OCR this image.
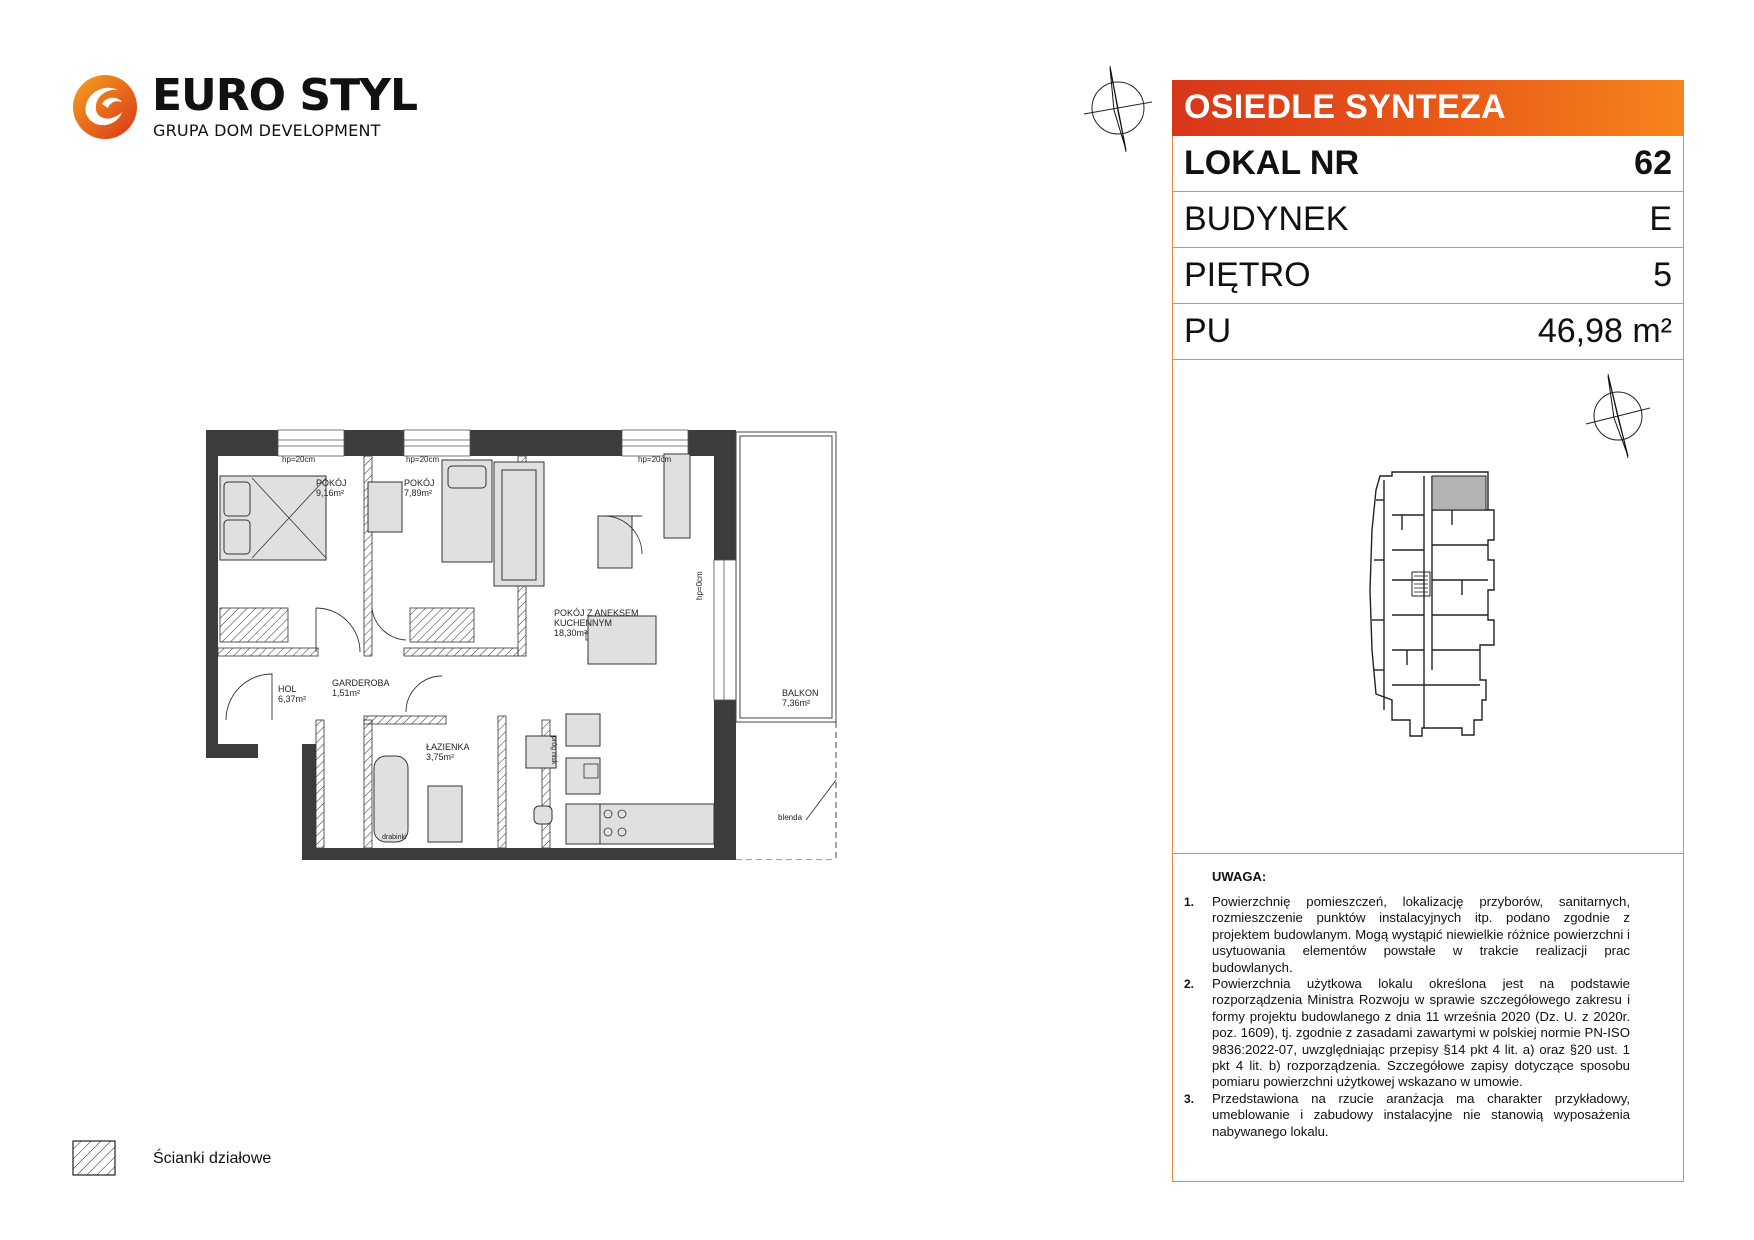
EURO STYL
GRUPA DOM DEVELOPMENT
OSIEDLE SYNTEZA
LOKAL NR	62
BUDYNEK	E
PIĘTRO	5
PU	46,98 m²
UWAGA:
1. Powierzchnię pomieszczeń, lokalizację przyborów, sanitarnych, rozmieszczenie punktów instalacyjnych itp. podano zgodnie z projektem budowlanym. Mogą wystąpić niewielkie różnice powierzchni i usytuowania elementów powstałe w trakcie realizacji prac budowlanych.
2. Powierzchnia użytkowa lokalu określona jest na podstawie rozporządzenia Ministra Rozwoju w sprawie szczegółowego zakresu i formy projektu budowlanego z dnia 11 września 2020 (Dz. U. z 2020r. poz. 1609), tj. zgodnie z zasadami zawartymi w polskiej normie PN-ISO 9836:2022-07, uwzględniając przepisy §14 pkt 4 lit. a) oraz §20 ust. 1 pkt 4 lit. b) rozporządzenia. Szczegółowe zapisy dotyczące sposobu pomiaru powierzchni użytkowej wskazano w umowie.
3. Przedstawiona na rzucie aranżacja ma charakter przykładowy, umeblowanie i zabudowy instalacyjne nie stanowią wyposażenia nabywanego lokalu.
POKÓJ
9,16m²
POKÓJ
7,89m²
POKÓJ Z ANEKSEM
KUCHENNYM
18,30m²
HOL
6,37m²
GARDEROBA
1,51m²
ŁAZIENKA
3,75m²
BALKON
7,36m²
hp=20cm	hp=20cm	hp=20cm
blenda
drabinki
hp=0cm
próg nisk
Ścianki działowe
